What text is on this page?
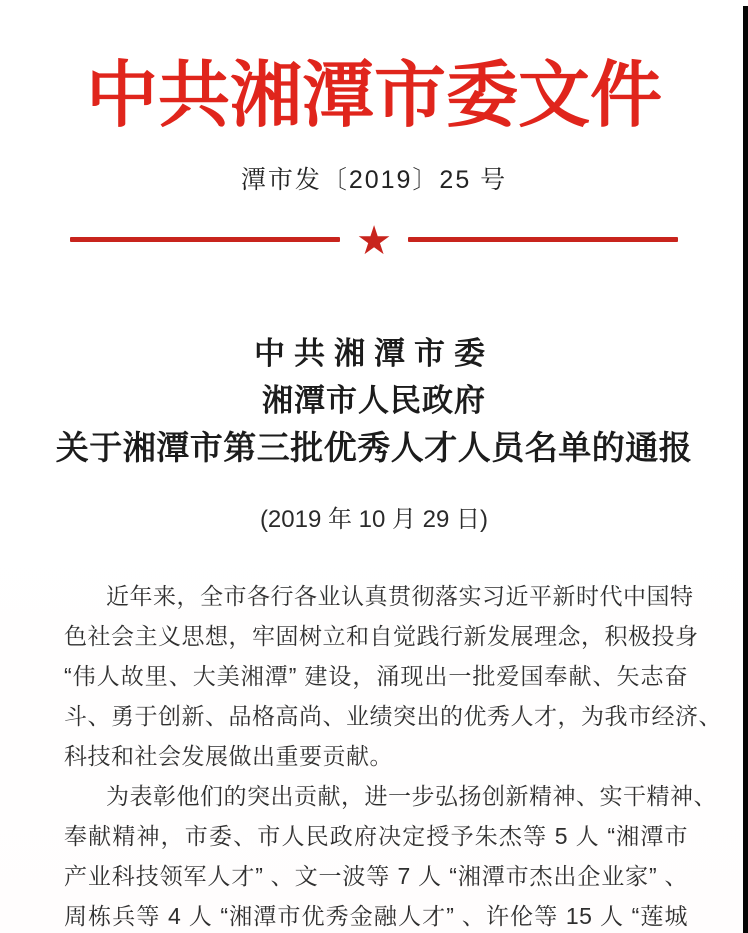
中共湘潭市委文件
潭市发〔2019〕25 号
★
中共湘潭市委
湘潭市人民政府
关于湘潭市第三批优秀人才人员名单的通报
(2019 年 10 月 29 日)

近年来，全市各行各业认真贯彻落实习近平新时代中国特

色社会主义思想，牢固树立和自觉践行新发展理念，积极投身

“伟人故里、大美湘潭” 建设，涌现出一批爱国奉献、矢志奋

斗、勇于创新、品格高尚、业绩突出的优秀人才，为我市经济、

科技和社会发展做出重要贡献。

为表彰他们的突出贡献，进一步弘扬创新精神、实干精神、

奉献精神，市委、市人民政府决定授予朱杰等 5 人 “湘潭市

产业科技领军人才” 、文一波等 7 人 “湘潭市杰出企业家” 、

周栋兵等 4 人 “湘潭市优秀金融人才” 、许伦等 15 人 “莲城
